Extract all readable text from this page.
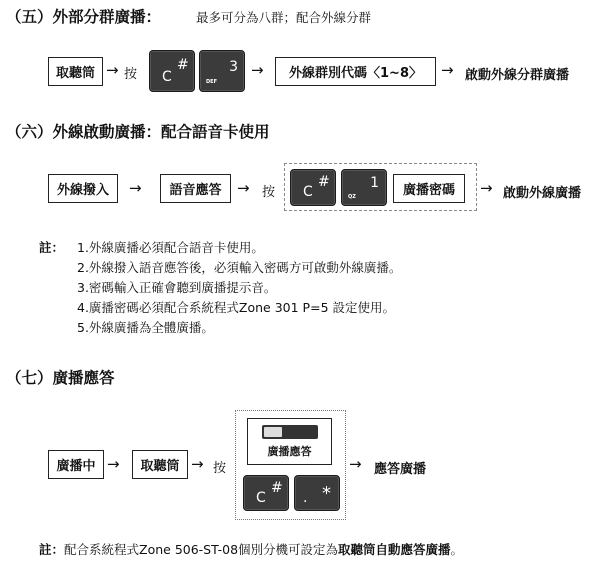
（五）外部分群廣播：	最多可分為八群；配合外線分群
取聽筒 → 按 C
#
DEF
3 →	外線群別代碼〈1~8〉	→ 啟動外線分群廣播
（六）外線啟動廣播：配合語音卡使用
外線撥入	→	語音應答	→ 按 C
#
QZ
1	廣播密碼	→ 啟動外線廣播
註： 1.外線廣播必須配合語音卡使用。
2.外線撥入語音應答後，必須輸入密碼方可啟動外線廣播。
3.密碼輸入正確會聽到廣播提示音。
4.廣播密碼必須配合系統程式Zone 301 P=5 設定使用。
5.外線廣播為全體廣播。
（七）廣播應答
廣播中 →	取聽筒 → 按
廣播應答
C
#
. *
→ 應答廣播
註：配合系統程式Zone 506-ST-08個別分機可設定為取聽筒自動應答廣播。
